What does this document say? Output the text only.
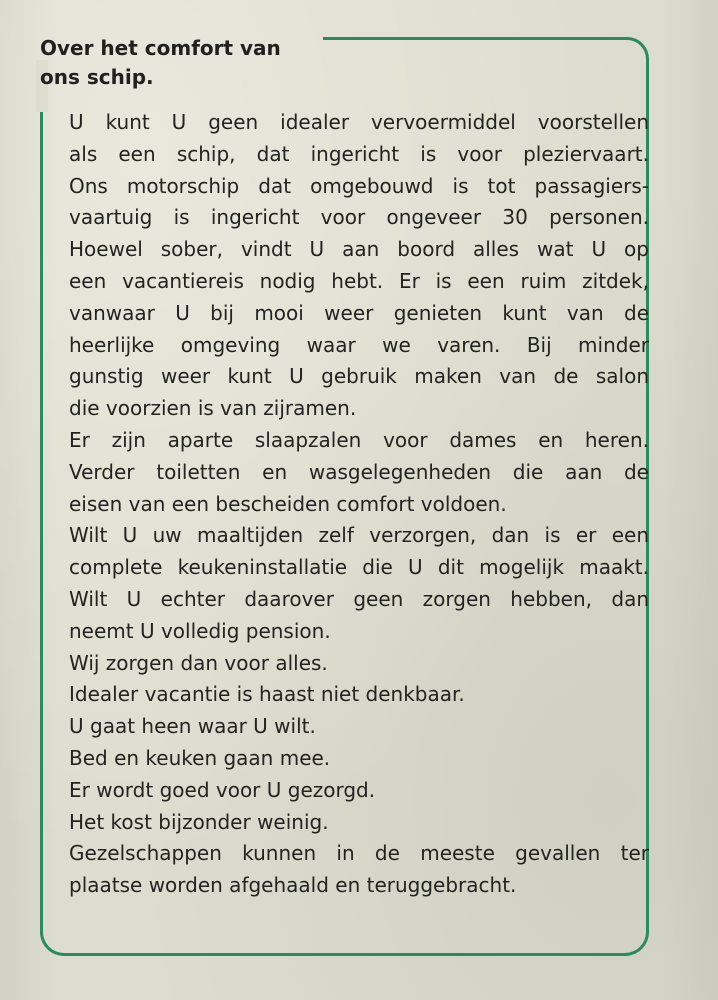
Over het comfort van
ons schip.
U kunt U geen idealer vervoermiddel voorstellen
als een schip, dat ingericht is voor pleziervaart.
Ons motorschip dat omgebouwd is tot passagiers-
vaartuig is ingericht voor ongeveer 30 personen.
Hoewel sober, vindt U aan boord alles wat U op
een vacantiereis nodig hebt. Er is een ruim zitdek,
vanwaar U bij mooi weer genieten kunt van de
heerlijke omgeving waar we varen. Bij minder
gunstig weer kunt U gebruik maken van de salon
die voorzien is van zijramen.
Er zijn aparte slaapzalen voor dames en heren.
Verder toiletten en wasgelegenheden die aan de
eisen van een bescheiden comfort voldoen.
Wilt U uw maaltijden zelf verzorgen, dan is er een
complete keukeninstallatie die U dit mogelijk maakt.
Wilt U echter daarover geen zorgen hebben, dan
neemt U volledig pension.
Wij zorgen dan voor alles.
Idealer vacantie is haast niet denkbaar.
U gaat heen waar U wilt.
Bed en keuken gaan mee.
Er wordt goed voor U gezorgd.
Het kost bijzonder weinig.
Gezelschappen kunnen in de meeste gevallen ter
plaatse worden afgehaald en teruggebracht.
